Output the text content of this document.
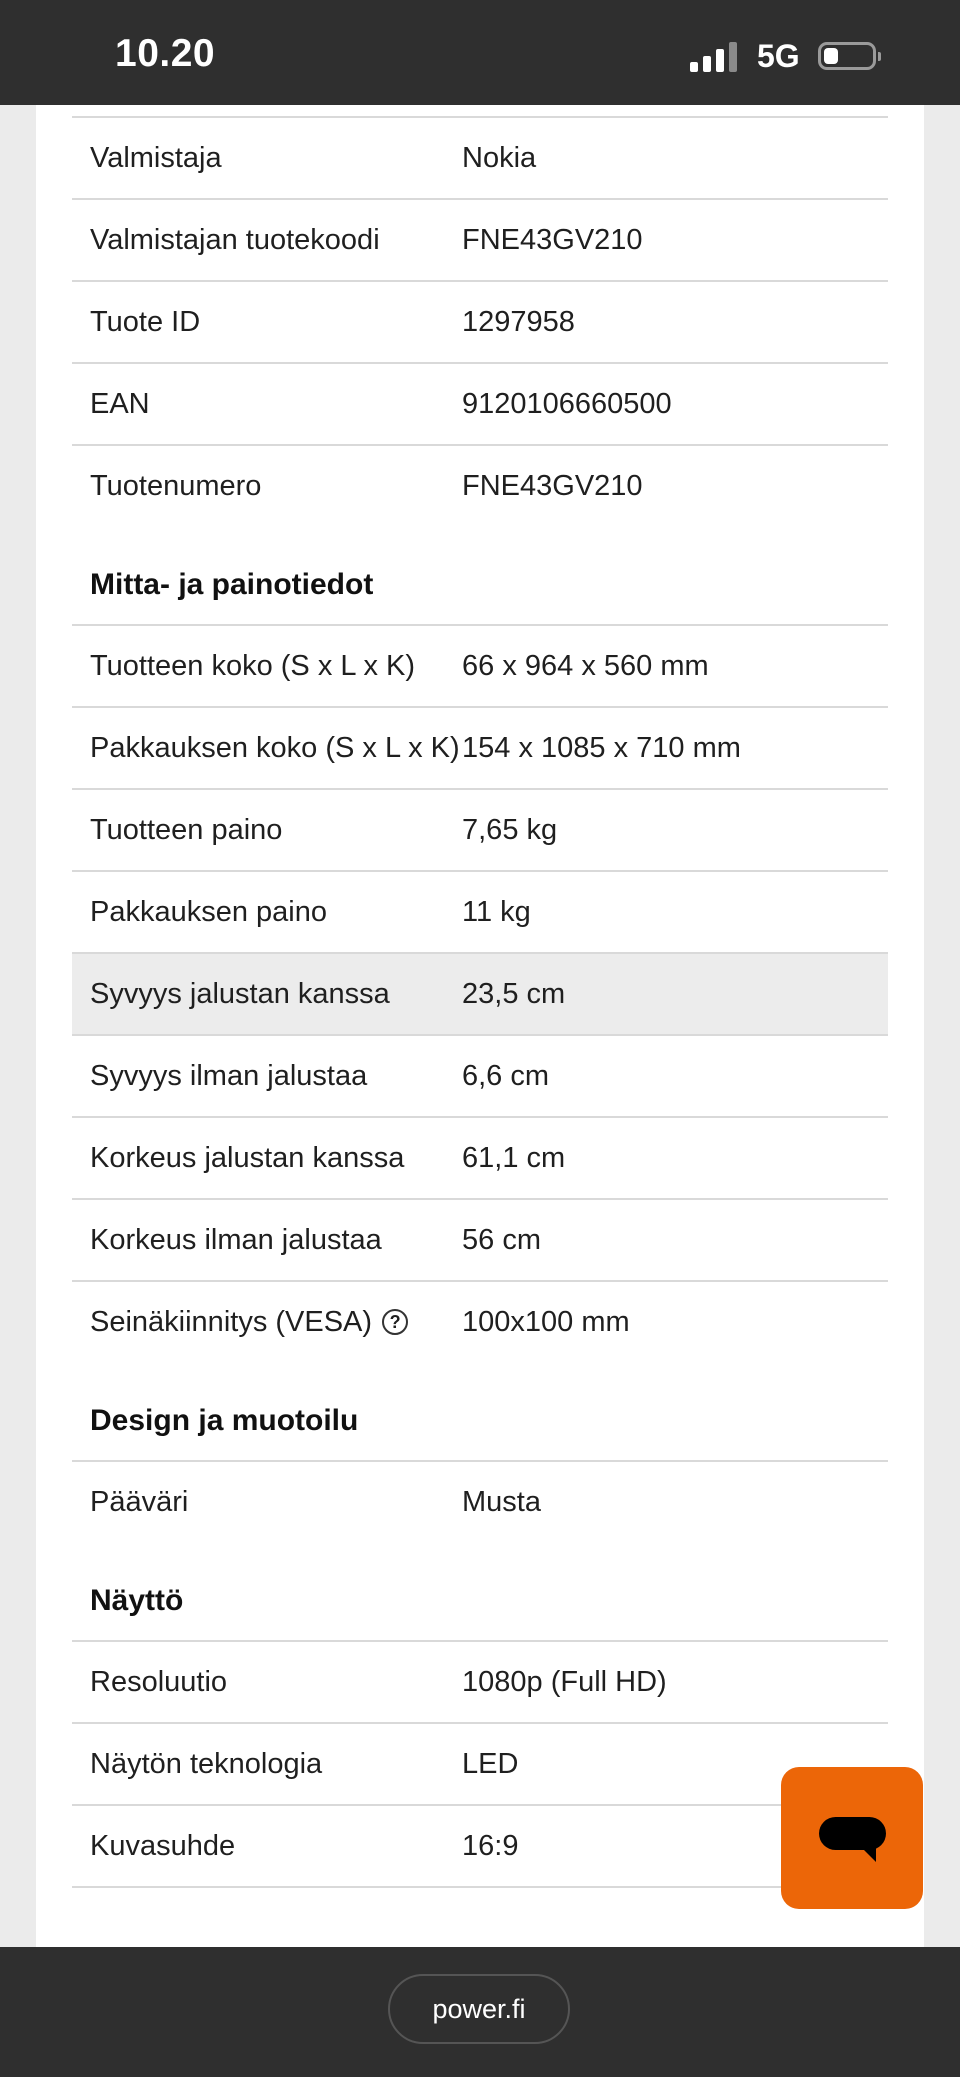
10.20	5G
Valmistaja	Nokia
Valmistajan tuotekoodi	FNE43GV210
Tuote ID	1297958
EAN	9120106660500
Tuotenumero	FNE43GV210
Mitta- ja painotiedot
Tuotteen koko (S x L x K)	66 x 964 x 560 mm
Pakkauksen koko (S x L x K) 154 x 1085 x 710 mm
Tuotteen paino	7,65 kg
Pakkauksen paino	11 kg
Syvyys jalustan kanssa	23,5 cm
Syvyys ilman jalustaa	6,6 cm
Korkeus jalustan kanssa	61,1 cm
Korkeus ilman jalustaa	56 cm
Seinäkiinnitys (VESA) ? 100x100 mm
Design ja muotoilu
Pääväri	Musta
Näyttö
Resoluutio	1080p (Full HD)
Näytön teknologia	LED
Kuvasuhde	16:9
power.fi
